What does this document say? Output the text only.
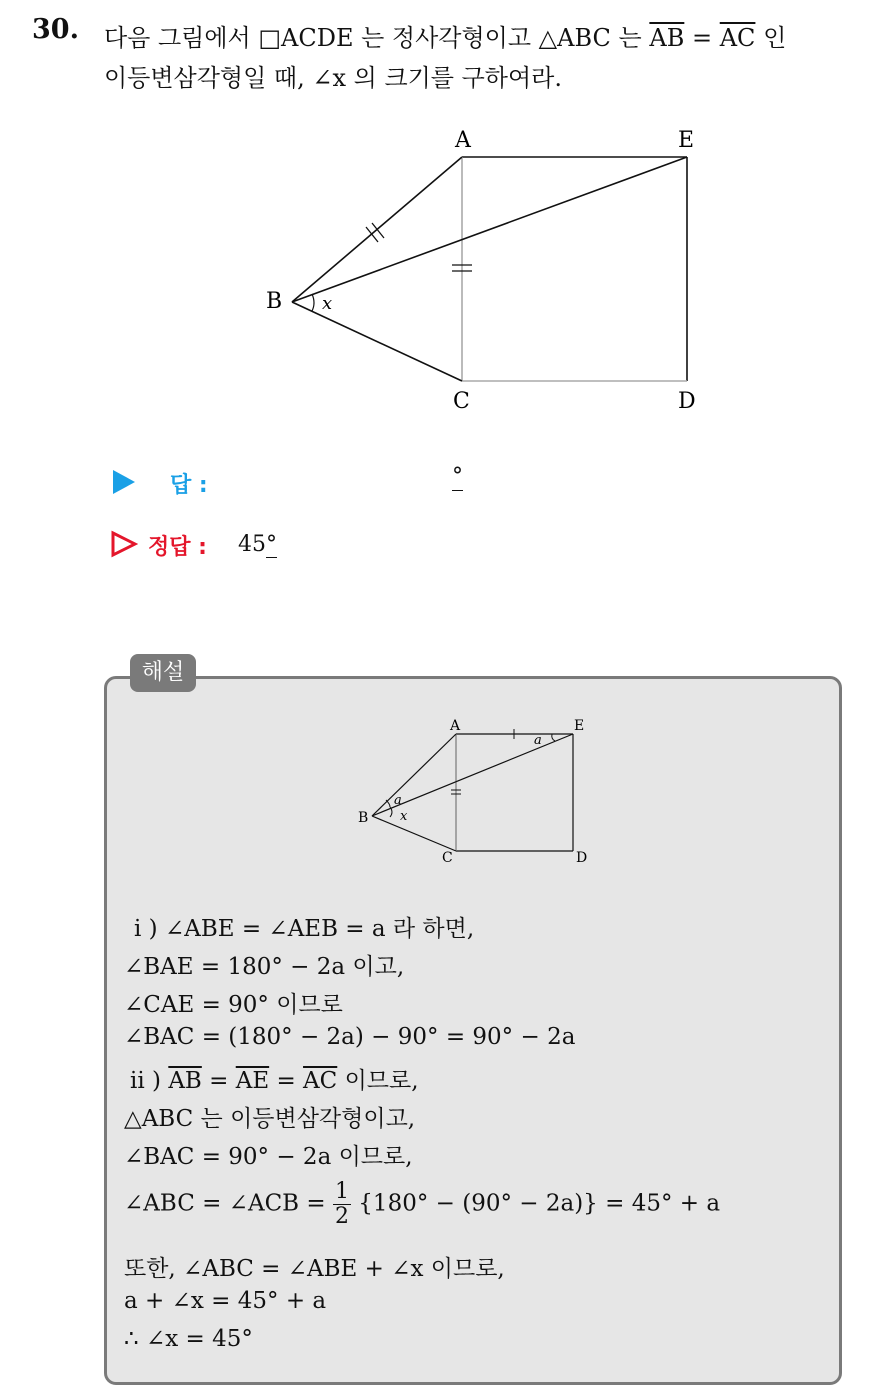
30. 다음 그림에서 □ACDE 는 정사각형이고 △ABC 는 $\overline{AB} = \overline{AC}$ 인
이등변삼각형일 때, ∠x 의 크기를 구하여라.
A	E
B
C	D
x
답 :	°
정답 : 45°
해설
A	E
B
C	D
a
a
x
i ) ∠ABE = ∠AEB = a 라 하면,
∠BAE = 180° − 2a 이고,
∠CAE = 90° 이므로
∠BAC = (180° − 2a) − 90° = 90° − 2a
ii ) $\overline{AB} = \overline{AE} = \overline{AC}$ 이므로,
△ABC 는 이등변삼각형이고,
∠BAC = 90° − 2a 이므로,
∠ABC = ∠ACB = $\frac{1}{2} \{180^\circ - (90^\circ - 2a)\} = 45^\circ + a$
또한, ∠ABC = ∠ABE + ∠x 이므로,
a + ∠x = 45° + a
∴ ∠x = 45°
